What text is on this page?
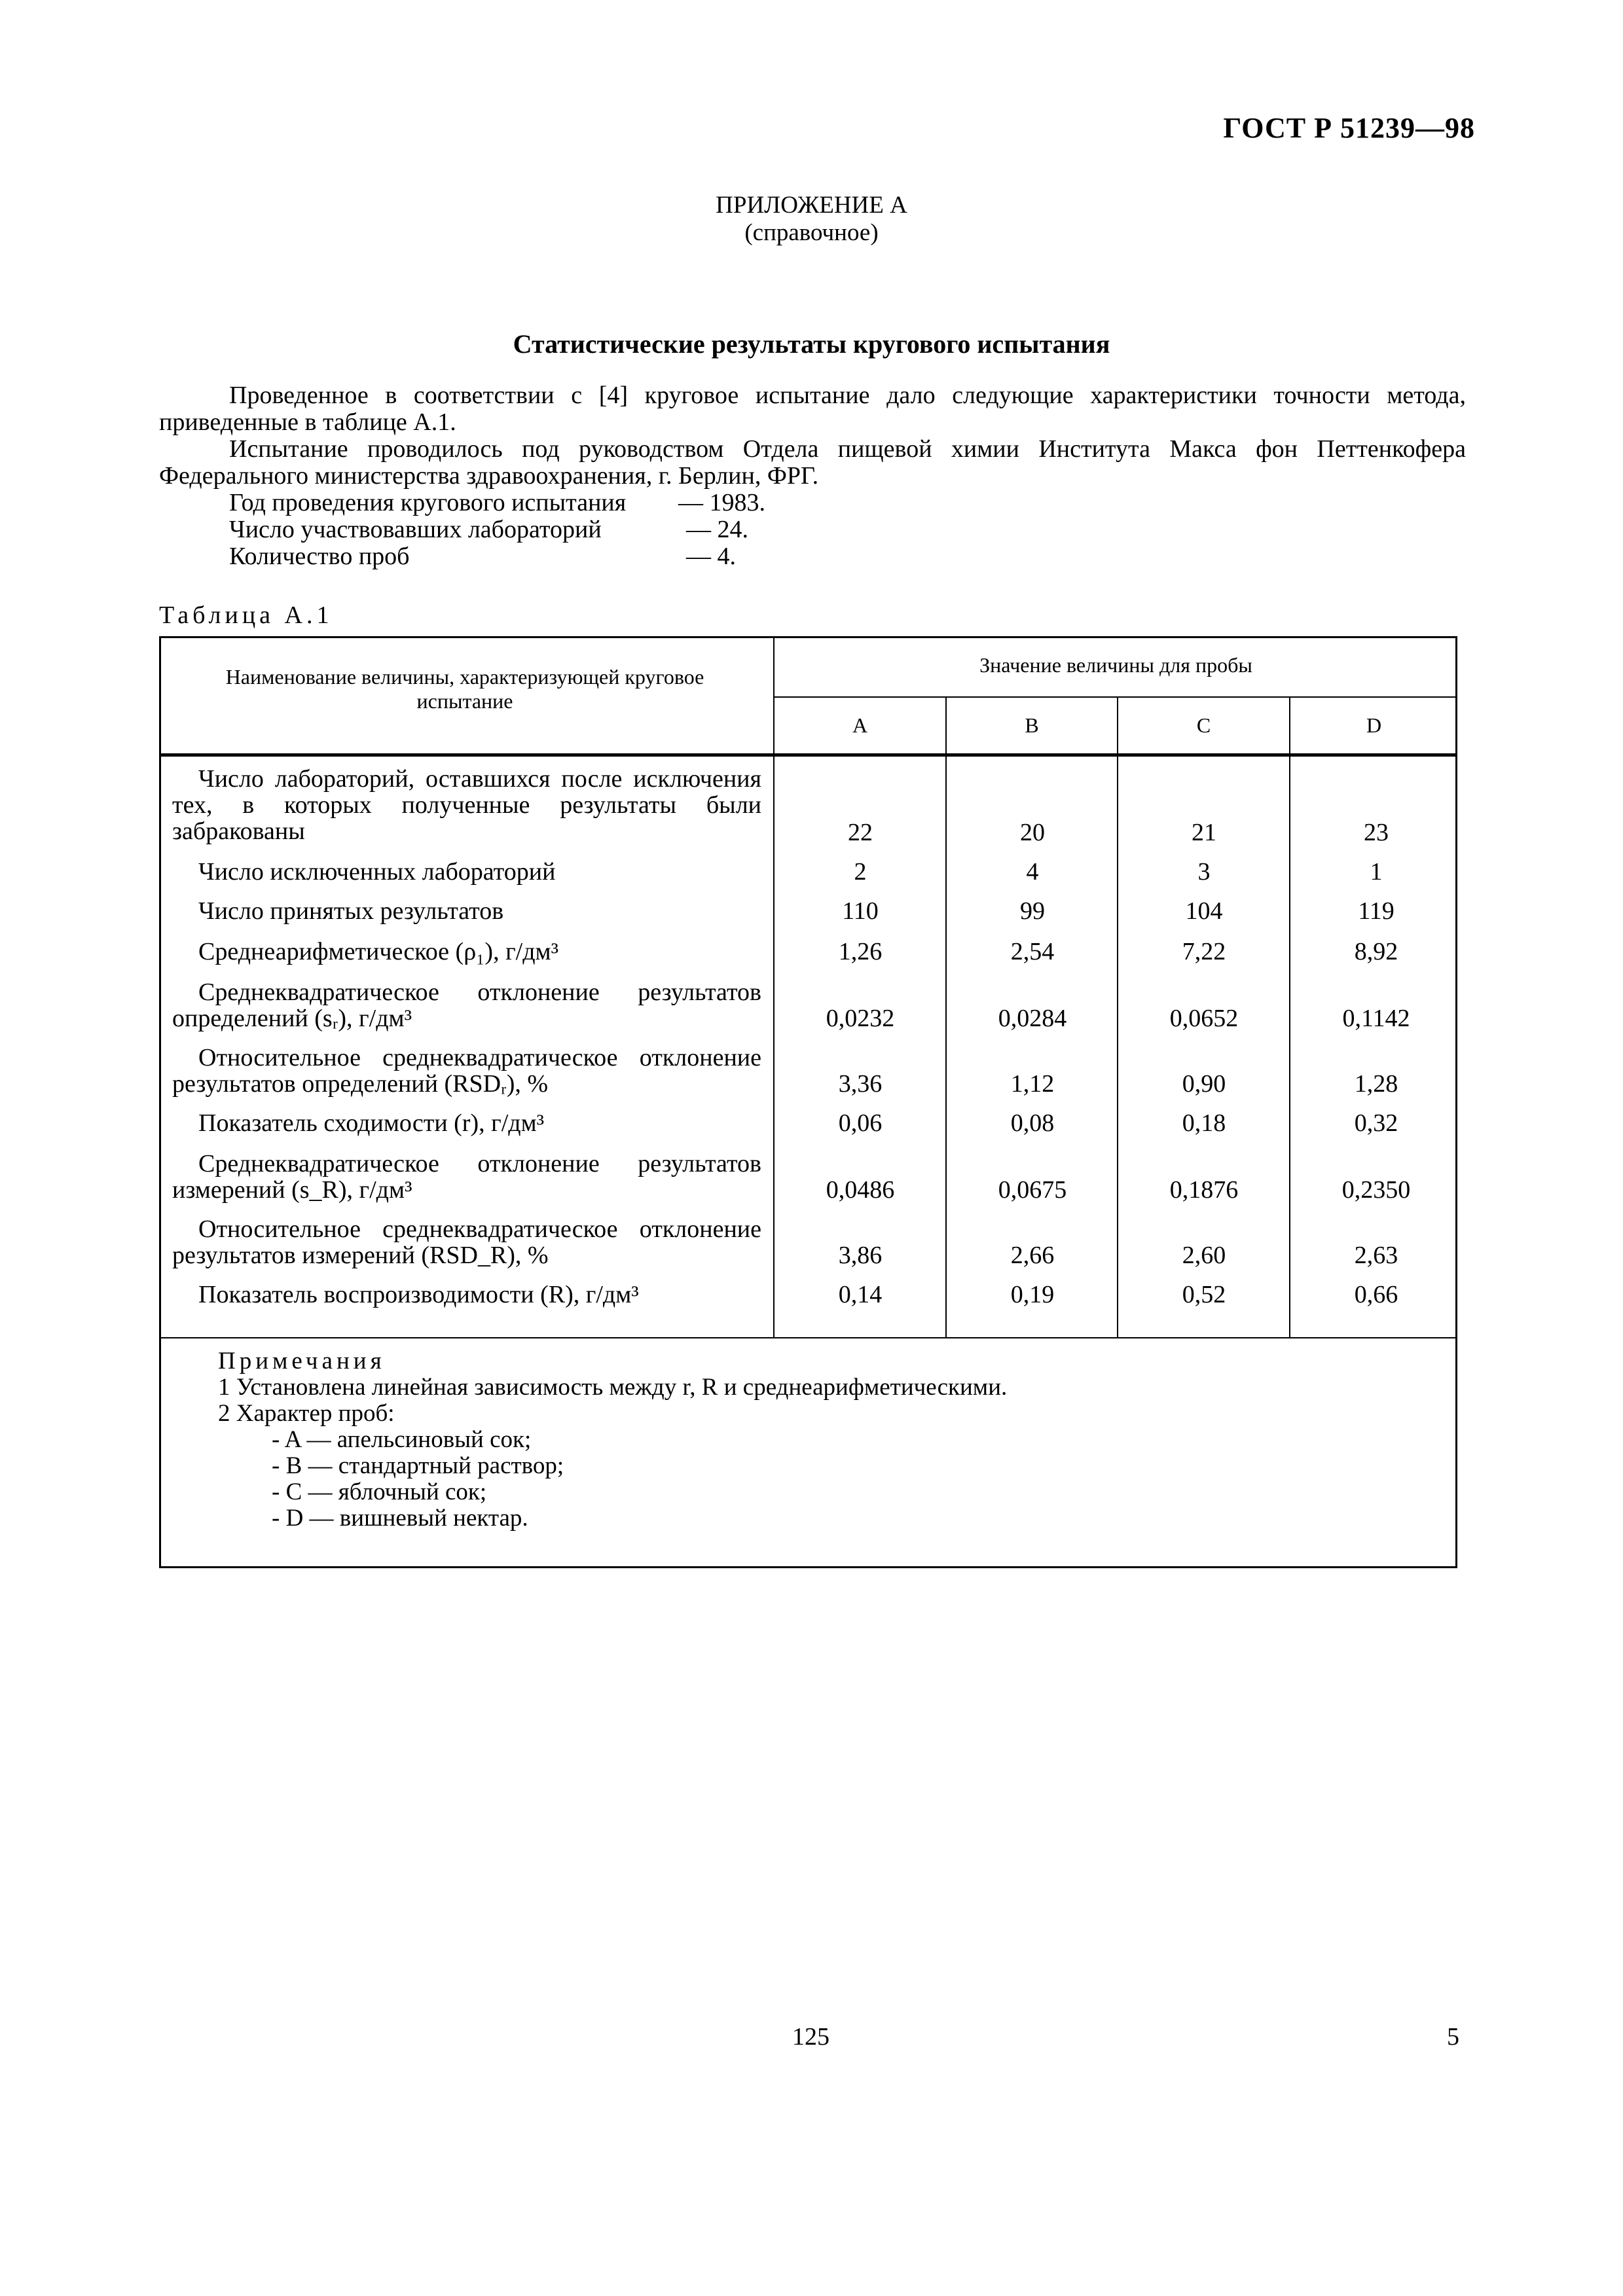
ГОСТ Р 51239—98
ПРИЛОЖЕНИЕ А
(справочное)
Статистические результаты кругового испытания

Проведенное в соответствии с [4] круговое испытание дало следующие характеристики точности метода, приведенные в таблице А.1.

Испытание проводилось под руководством Отдела пищевой химии Института Макса фон Петтенкофера Федерального министерства здравоохранения, г. Берлин, ФРГ.

Год проведения кругового испытания — 1983.
Число участвовавших лабораторий	— 24.
Количество проб	— 4.
Таблица А.1
Наименование величины, характеризующей круговое испытание
Значение величины для пробы
A	B	C	D
Число лабораторий, оставшихся после исключения тех, в которых полученные результаты были забракованы	22	20	21	23
Число исключенных лабораторий	2	4	3	1
Число принятых результатов	110	99	104	119
Среднеарифметическое (ρ₁), г/дм³	1,26	2,54	7,22	8,92
Среднеквадратическое отклонение результатов определений (sᵣ), г/дм³	0,0232	0,0284	0,0652	0,1142
Относительное среднеквадратическое отклонение результатов определений (RSDᵣ), %	3,36	1,12	0,90	1,28
Показатель сходимости (r), г/дм³	0,06	0,08	0,18	0,32
Среднеквадратическое отклонение результатов измерений (s_R), г/дм³	0,0486	0,0675	0,1876	0,2350
Относительное среднеквадратическое отклонение результатов измерений (RSD_R), %	3,86	2,66	2,60	2,63
Показатель воспроизводимости (R), г/дм³	0,14	0,19	0,52	0,66
Примечания
1 Установлена линейная зависимость между r, R и среднеарифметическими.
2 Характер проб:
- A — апельсиновый сок;
- B — стандартный раствор;
- C — яблочный сок;
- D — вишневый нектар.
125	5
